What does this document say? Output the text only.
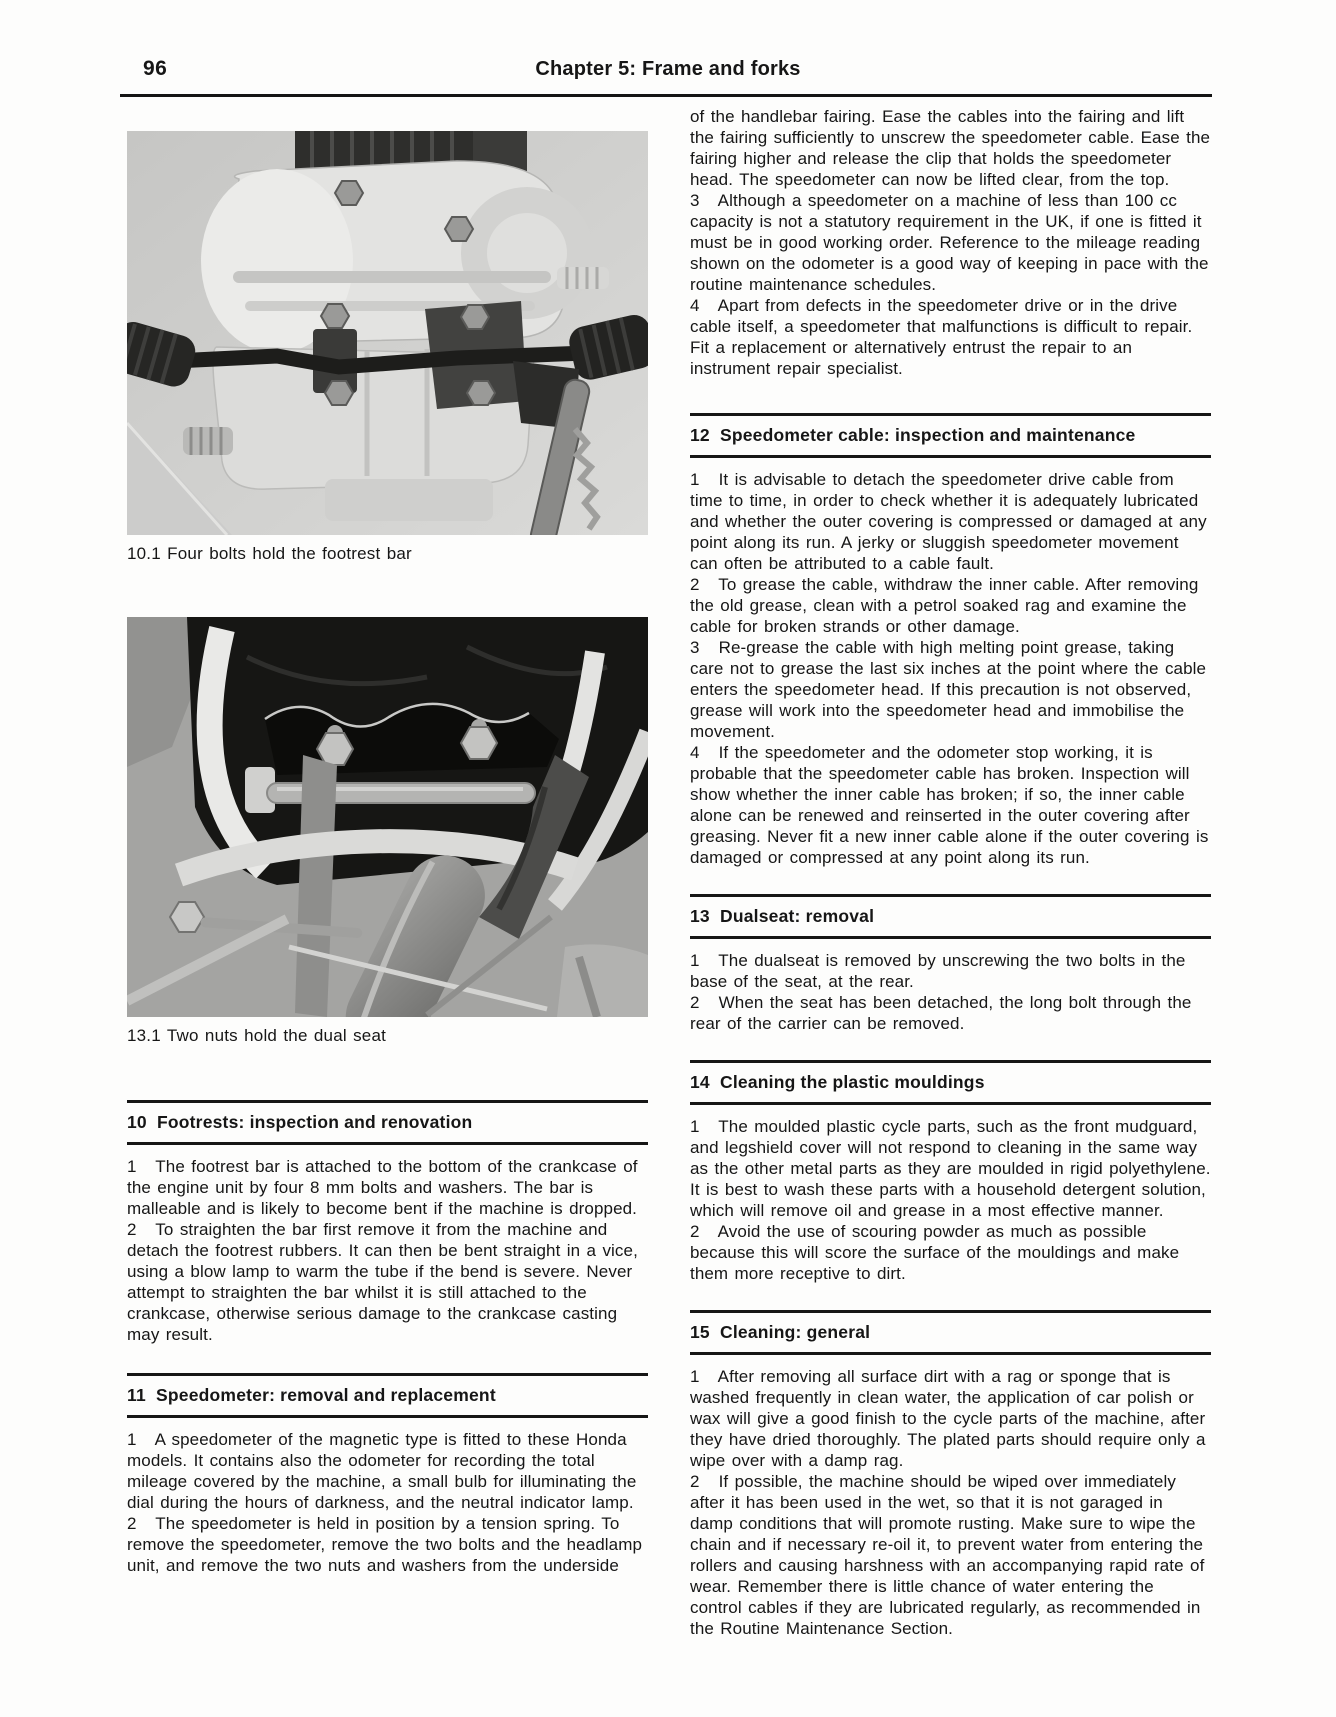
96	Chapter 5: Frame and forks

10.1 Four bolts hold the footrest bar

13.1 Two nuts hold the dual seat

10  Footrests: inspection and renovation

1   The footrest bar is attached to the bottom of the crankcase of the engine unit by four 8 mm bolts and washers. The bar is malleable and is likely to become bent if the machine is dropped.

2   To straighten the bar first remove it from the machine and detach the footrest rubbers. It can then be bent straight in a vice, using a blow lamp to warm the tube if the bend is severe. Never attempt to straighten the bar whilst it is still attached to the crankcase, otherwise serious damage to the crankcase casting may result.

11  Speedometer: removal and replacement

1   A speedometer of the magnetic type is fitted to these Honda models. It contains also the odometer for recording the total mileage covered by the machine, a small bulb for illuminating the dial during the hours of darkness, and the neutral indicator lamp.

2   The speedometer is held in position by a tension spring. To remove the speedometer, remove the two bolts and the headlamp unit, and remove the two nuts and washers from the underside

of the handlebar fairing. Ease the cables into the fairing and lift the fairing sufficiently to unscrew the speedometer cable. Ease the fairing higher and release the clip that holds the speedometer head. The speedometer can now be lifted clear, from the top.

3   Although a speedometer on a machine of less than 100 cc capacity is not a statutory requirement in the UK, if one is fitted it must be in good working order. Reference to the mileage reading shown on the odometer is a good way of keeping in pace with the routine maintenance schedules.

4   Apart from defects in the speedometer drive or in the drive cable itself, a speedometer that malfunctions is difficult to repair. Fit a replacement or alternatively entrust the repair to an instrument repair specialist.

12  Speedometer cable: inspection and maintenance

1   It is advisable to detach the speedometer drive cable from time to time, in order to check whether it is adequately lubricated and whether the outer covering is compressed or damaged at any point along its run. A jerky or sluggish speedometer movement can often be attributed to a cable fault.

2   To grease the cable, withdraw the inner cable. After removing the old grease, clean with a petrol soaked rag and examine the cable for broken strands or other damage.

3   Re-grease the cable with high melting point grease, taking care not to grease the last six inches at the point where the cable enters the speedometer head. If this precaution is not observed, grease will work into the speedometer head and immobilise the movement.

4   If the speedometer and the odometer stop working, it is probable that the speedometer cable has broken. Inspection will show whether the inner cable has broken; if so, the inner cable alone can be renewed and reinserted in the outer covering after greasing. Never fit a new inner cable alone if the outer covering is damaged or compressed at any point along its run.

13  Dualseat: removal

1   The dualseat is removed by unscrewing the two bolts in the base of the seat, at the rear.

2   When the seat has been detached, the long bolt through the rear of the carrier can be removed.

14  Cleaning the plastic mouldings

1   The moulded plastic cycle parts, such as the front mudguard, and legshield cover will not respond to cleaning in the same way as the other metal parts as they are moulded in rigid polyethylene. It is best to wash these parts with a household detergent solution, which will remove oil and grease in a most effective manner.

2   Avoid the use of scouring powder as much as possible because this will score the surface of the mouldings and make them more receptive to dirt.

15  Cleaning: general

1   After removing all surface dirt with a rag or sponge that is washed frequently in clean water, the application of car polish or wax will give a good finish to the cycle parts of the machine, after they have dried thoroughly. The plated parts should require only a wipe over with a damp rag.

2   If possible, the machine should be wiped over immediately after it has been used in the wet, so that it is not garaged in damp conditions that will promote rusting. Make sure to wipe the chain and if necessary re-oil it, to prevent water from entering the rollers and causing harshness with an accompanying rapid rate of wear. Remember there is little chance of water entering the control cables if they are lubricated regularly, as recommended in the Routine Maintenance Section.
